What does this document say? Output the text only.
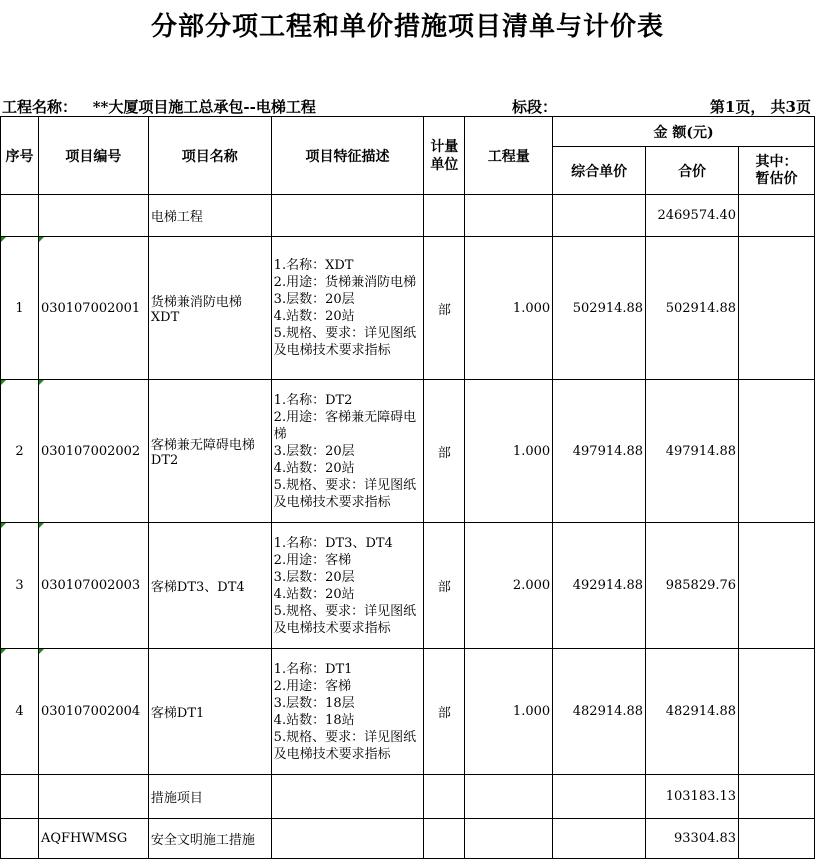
分部分项工程和单价措施项目清单与计价表
工程名称： **大厦项目施工总承包--电梯工程	标段：	第1页， 共3页
序号	项目编号	项目名称	项目特征描述	计量
单位	工程量	金 额(元)		
						综合单价	合价	其中：
暂估价
		电梯工程					2469574.40	
1	030107002001	货梯兼消防电梯XDT	1.名称：XDT
2.用途：货梯兼消防电梯
3.层数：20层
4.站数：20站
5.规格、要求：详见图纸及电梯技术要求指标	部	1.000	502914.88	502914.88	
2	030107002002	客梯兼无障碍电梯DT2	1.名称：DT2
2.用途：客梯兼无障碍电梯
3.层数：20层
4.站数：20站
5.规格、要求：详见图纸及电梯技术要求指标	部	1.000	497914.88	497914.88	
3	030107002003	客梯DT3、DT4	1.名称：DT3、DT4
2.用途：客梯
3.层数：20层
4.站数：20站
5.规格、要求：详见图纸及电梯技术要求指标	部	2.000	492914.88	985829.76	
4	030107002004	客梯DT1	1.名称：DT1
2.用途：客梯
3.层数：18层
4.站数：18站
5.规格、要求：详见图纸及电梯技术要求指标	部	1.000	482914.88	482914.88	
		措施项目					103183.13	
	AQFHWMSG	安全文明施工措施					93304.83	
